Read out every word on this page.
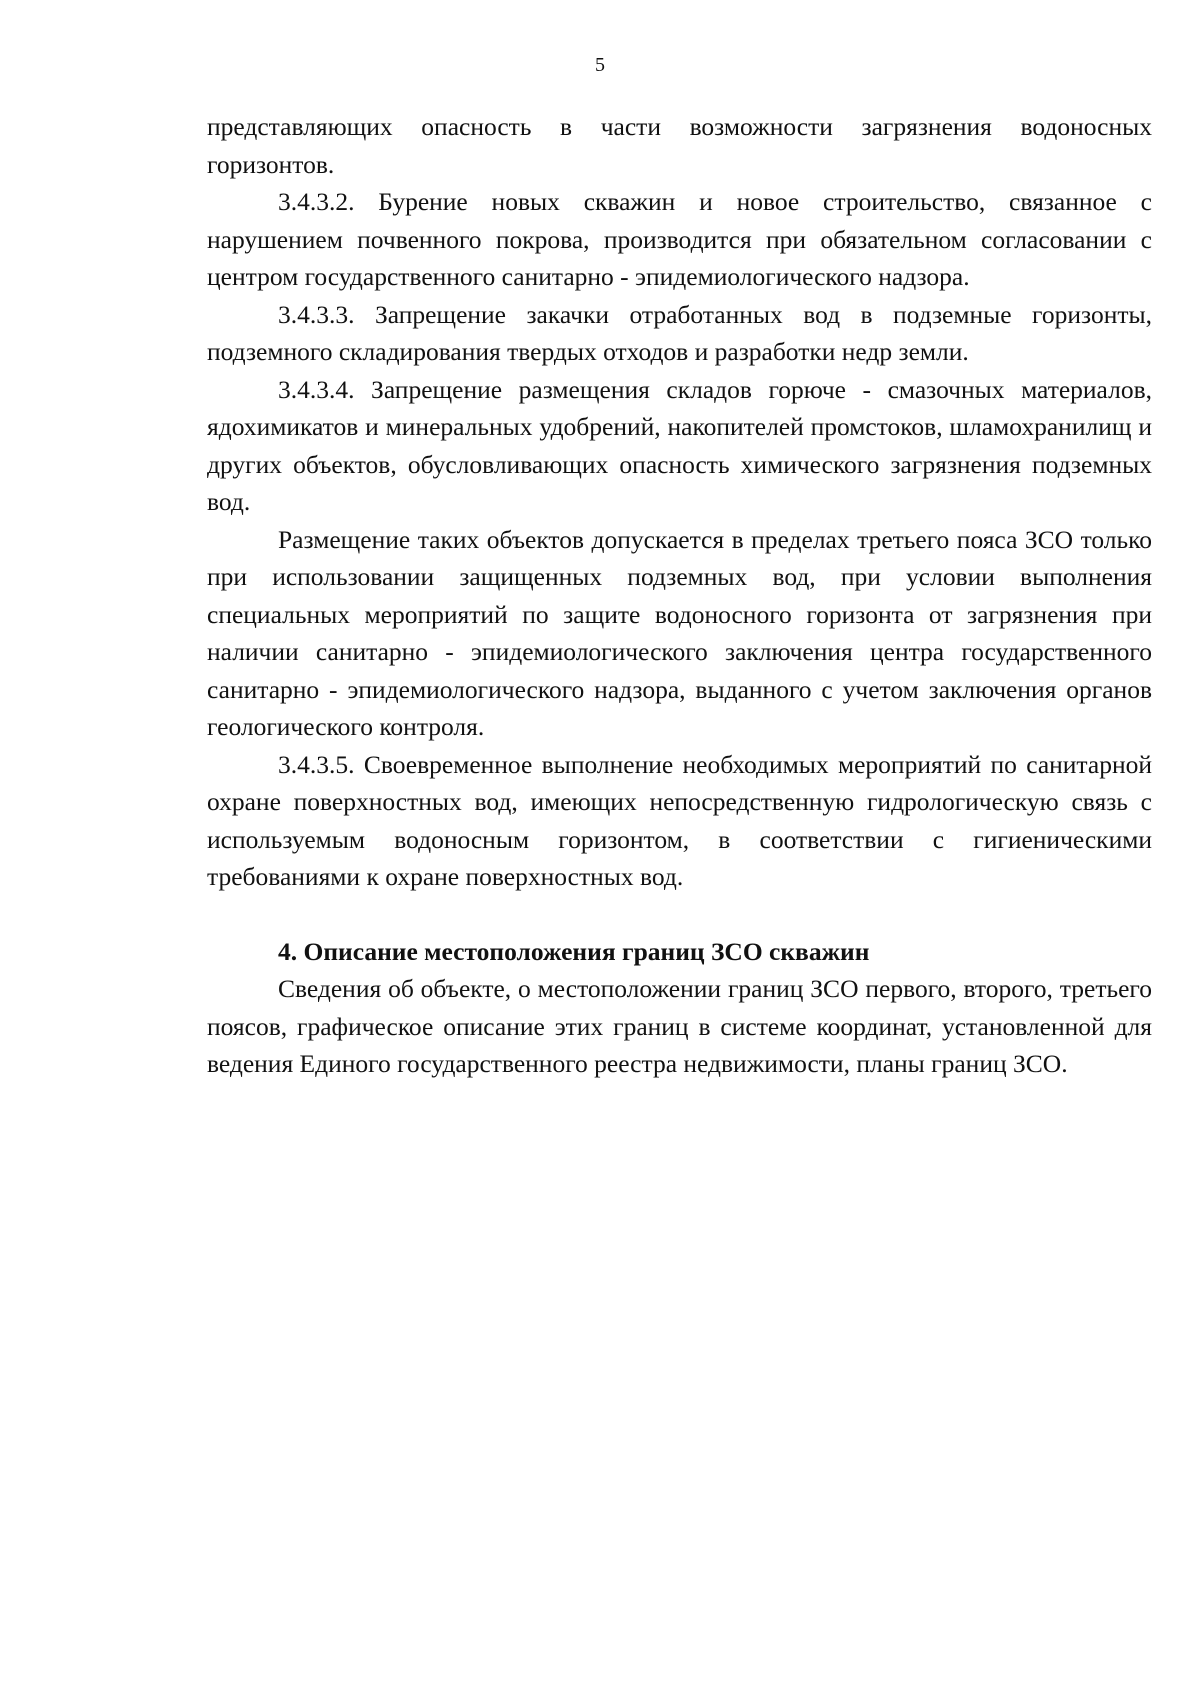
5

представляющих опасность в части возможности загрязнения водоносных горизонтов.

3.4.3.2. Бурение новых скважин и новое строительство, связанное с нарушением почвенного покрова, производится при обязательном согласовании с центром государственного санитарно - эпидемиологического надзора.

3.4.3.3. Запрещение закачки отработанных вод в подземные горизонты, подземного складирования твердых отходов и разработки недр земли.

3.4.3.4. Запрещение размещения складов горюче - смазочных материалов, ядохимикатов и минеральных удобрений, накопителей промстоков, шламохранилищ и других объектов, обусловливающих опасность химического загрязнения подземных вод.

Размещение таких объектов допускается в пределах третьего пояса ЗСО только при использовании защищенных подземных вод, при условии выполнения специальных мероприятий по защите водоносного горизонта от загрязнения при наличии санитарно - эпидемиологического заключения центра государственного санитарно - эпидемиологического надзора, выданного с учетом заключения органов геологического контроля.

3.4.3.5. Своевременное выполнение необходимых мероприятий по санитарной охране поверхностных вод, имеющих непосредственную гидрологическую связь с используемым водоносным горизонтом, в соответствии с гигиеническими требованиями к охране поверхностных вод.

4. Описание местоположения границ ЗСО скважин

Сведения об объекте, о местоположении границ ЗСО первого, второго, третьего поясов, графическое описание этих границ в системе координат, установленной для ведения Единого государственного реестра недвижимости, планы границ ЗСО.
